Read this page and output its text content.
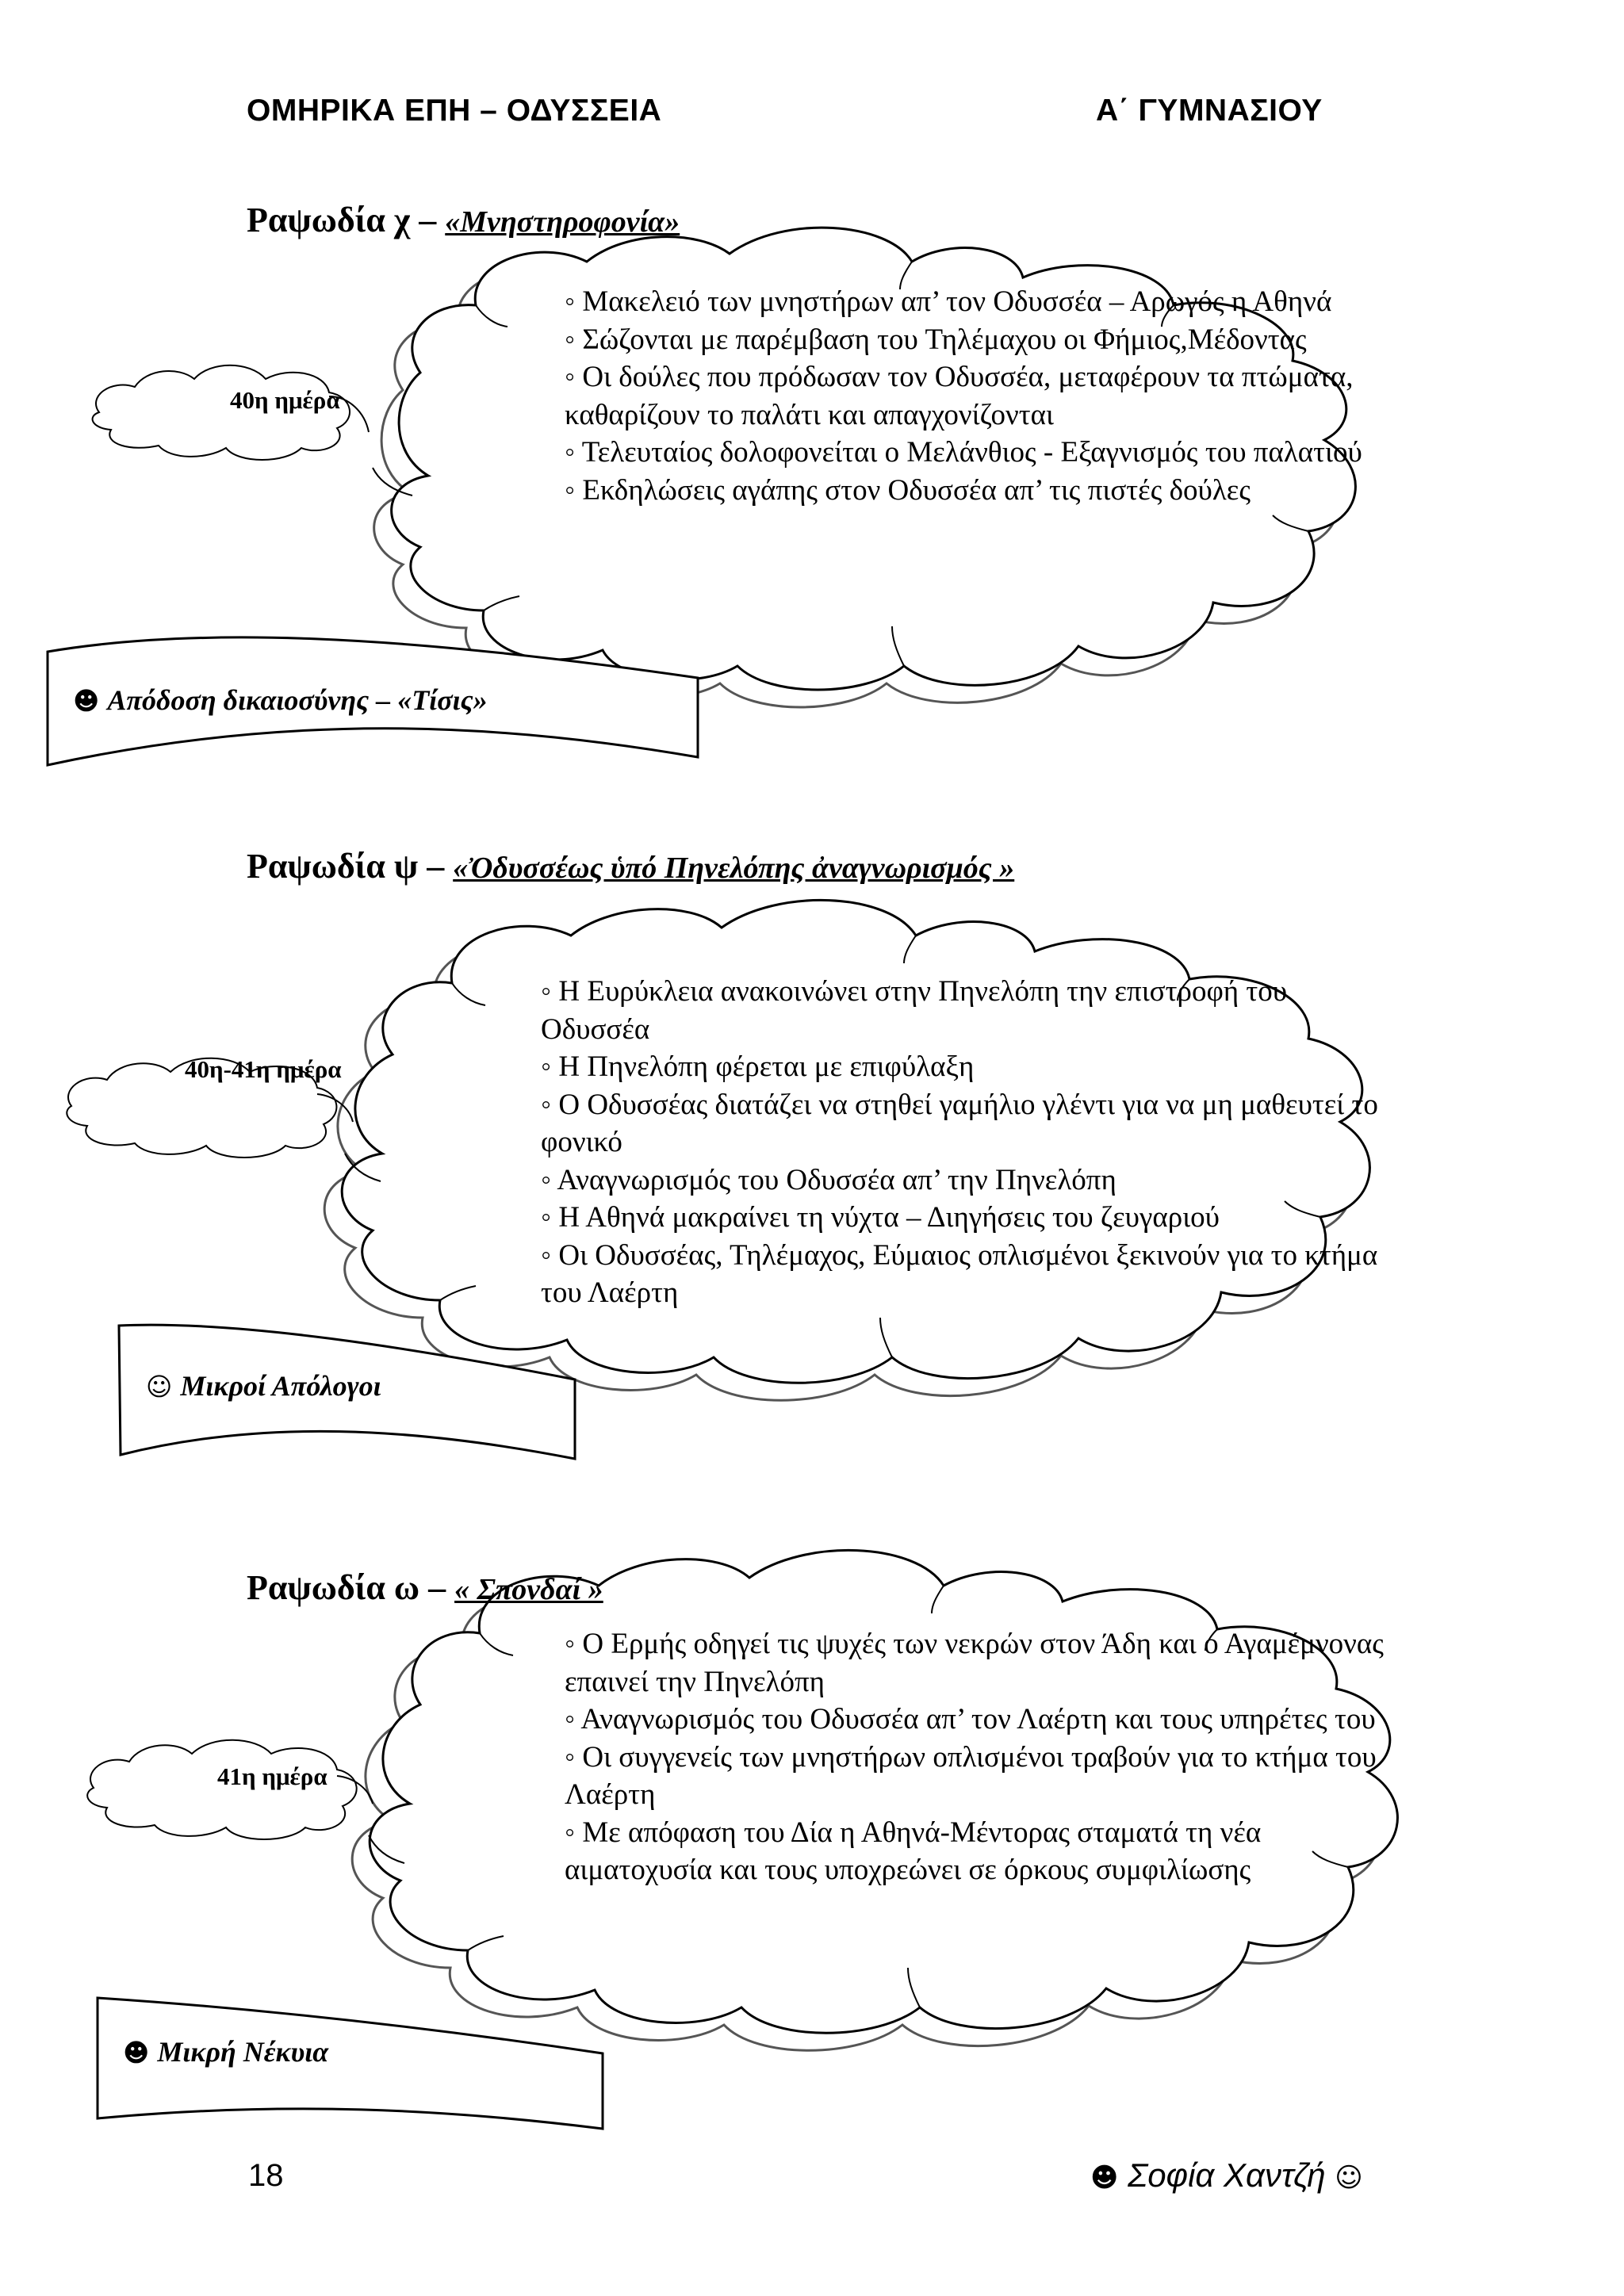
ΟΜΗΡΙΚΑ ΕΠΗ – ΟΔΥΣΣΕΙΑ	Α΄ ΓΥΜΝΑΣΙΟΥ
Ραψωδία χ – «Μνηστηροφονία»
40η ημέρα
◦ Μακελειό των μνηστήρων απ’ τον Οδυσσέα – Αρωγός η Αθηνά
◦ Σώζονται με παρέμβαση του Τηλέμαχου οι Φήμιος,Μέδοντας
◦ Οι δούλες που πρόδωσαν τον Οδυσσέα, μεταφέρουν τα πτώματα, καθαρίζουν το παλάτι και απαγχονίζονται
◦ Τελευταίος δολοφονείται ο Μελάνθιος - Εξαγνισμός του παλατιού
◦ Εκδηλώσεις αγάπης στον Οδυσσέα απ’ τις πιστές δούλες
☻ Απόδοση δικαιοσύνης – «Τίσις»
Ραψωδία ψ – «Ὀδυσσέως ὑπό Πηνελόπης ἀναγνωρισμός »
40η-41η ημέρα
◦ Η Ευρύκλεια ανακοινώνει στην Πηνελόπη την επιστροφή του Οδυσσέα
◦ Η Πηνελόπη φέρεται με επιφύλαξη
◦ Ο Οδυσσέας διατάζει να στηθεί γαμήλιο γλέντι για να μη μαθευτεί το φονικό
◦ Αναγνωρισμός του Οδυσσέα απ’ την Πηνελόπη
◦ Η Αθηνά μακραίνει τη νύχτα – Διηγήσεις του ζευγαριού
◦ Οι Οδυσσέας, Τηλέμαχος, Εύμαιος οπλισμένοι ξεκινούν για το κτήμα του Λαέρτη
☺ Μικροί Απόλογοι
Ραψωδία ω – « Σπονδαί »
41η ημέρα
◦ Ο Ερμής οδηγεί τις ψυχές των νεκρών στον Άδη και ο Αγαμέμνονας επαινεί την Πηνελόπη
◦ Αναγνωρισμός του Οδυσσέα απ’ τον Λαέρτη και τους υπηρέτες του
◦ Οι συγγενείς των μνηστήρων οπλισμένοι τραβούν για το κτήμα του Λαέρτη
◦ Με απόφαση του Δία η Αθηνά-Μέντορας σταματά τη νέα αιματοχυσία και τους υποχρεώνει σε όρκους συμφιλίωσης
☻ Μικρή Νέκυια
18	☻ Σοφία Χαντζή ☺
